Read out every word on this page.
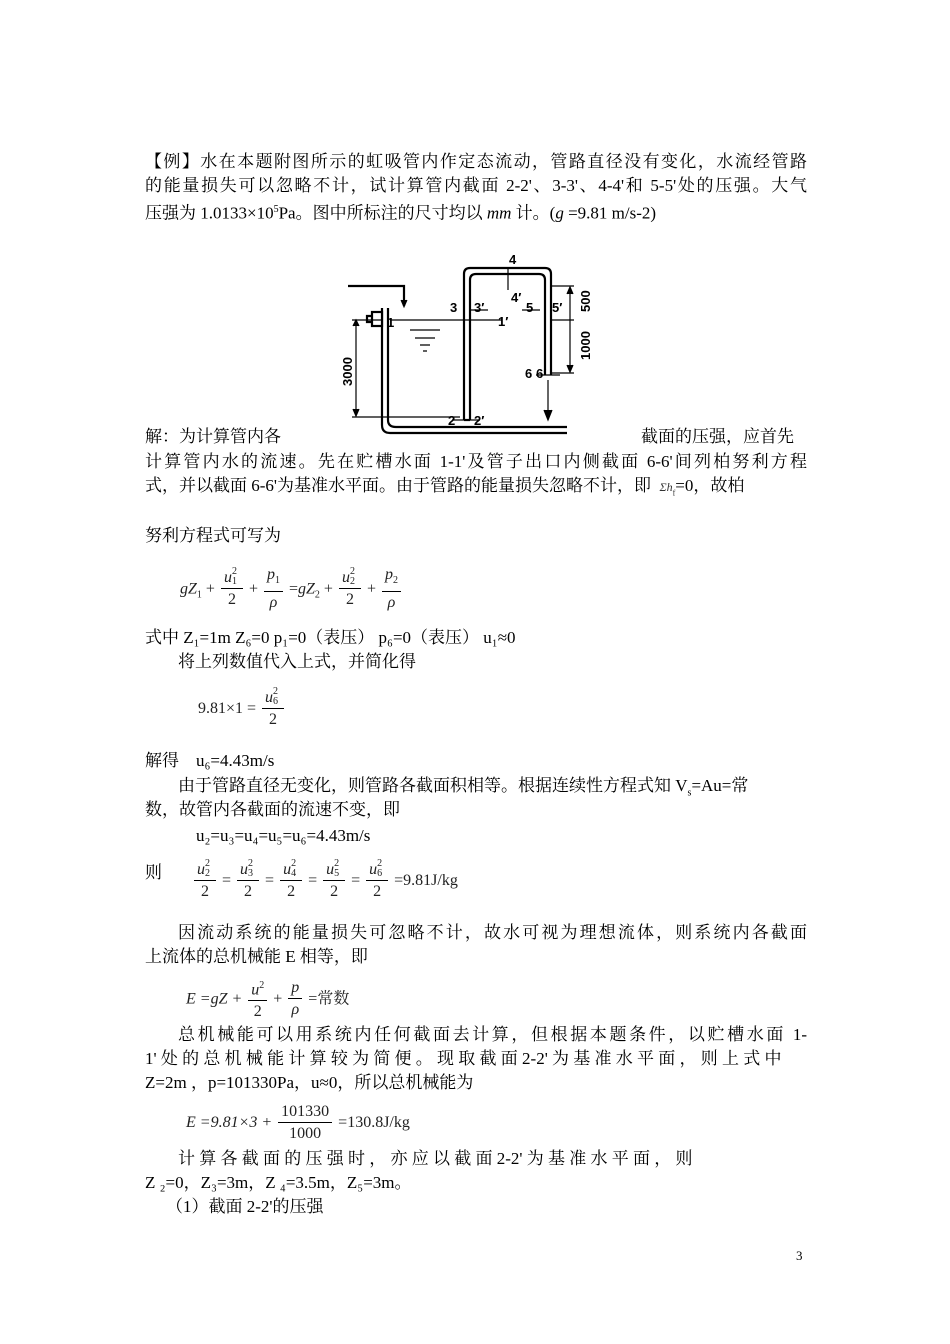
【例】水在本题附图所示的虹吸管内作定态流动，管路直径没有变化，水流经管路
的能量损失可以忽略不计，试计算管内截面 2-2'、3-3'、4-4'和 5-5'处的压强。大气
压强为 $1.0133\times 10^5Pa$。图中所标注的尺寸均以 mm 计。(g =9.81 m/s-2)
1	1′
2 2′
3 3′
4
4′
5 5′
6 6′
3000
500
1000
解：为计算管内各	截面的压强，应首先
计算管内水的流速。先在贮槽水面 1-1'及管子出口内侧截面 6-6'间列柏努利方程
式，并以截面 6-6'为基准水平面。由于管路的能量损失忽略不计，即 $\Sigma h_f=0$，故柏
努利方程式可写为
$gZ_1 + u$ 2
1

$2 + \frac{p_1}{\rho} =gZ_2 + u$ 2
2

$2 + \frac{p_2}{\rho}$
式中 Z₁=1m Z₆=0 p₁=0（表压） p₆=0（表压） u₁≈0
将上列数值代入上式，并简化得
9.81×1 = u 2
6

2
解得 u₆=4.43m/s
由于管路直径无变化，则管路各截面积相等。根据连续性方程式知 $V_s=Au=$常
数，故管内各截面的流速不变，即
u₂=u₃=u₄=u₅=u₆=4.43m/s
则 u 2
2

2 = u 2
3

2 = u 2
4

2 = u 2
5

2 = u 2
6

2 =9.81J/kg
因流动系统的能量损失可忽略不计，故水可视为理想流体，则系统内各截面
上流体的总机械能 E 相等，即
$E =gZ + \frac{u^2}{2} + \frac{p}{\rho}$ =常数
总机械能可以用系统内任何截面去计算，但根据本题条件，以贮槽水面 1-
1' 处 的 总 机 械 能 计 算 较 为 简 便 。 现 取 截 面 2-2' 为 基 准 水 平 面 ， 则 上 式 中
Z=2m ，p=101330Pa，u≈0，所以总机械能为
$E =9.81\times 3 + \frac{101330}{1000} =130.8J/kg$
计 算 各 截 面 的 压 强 时 ， 亦 应 以 截 面 2-2' 为 基 准 水 平 面 ， 则
Z ₂=0，Z₃=3m，Z ₄=3.5m，Z₅=3m。
（1）截面 2-2'的压强
3
